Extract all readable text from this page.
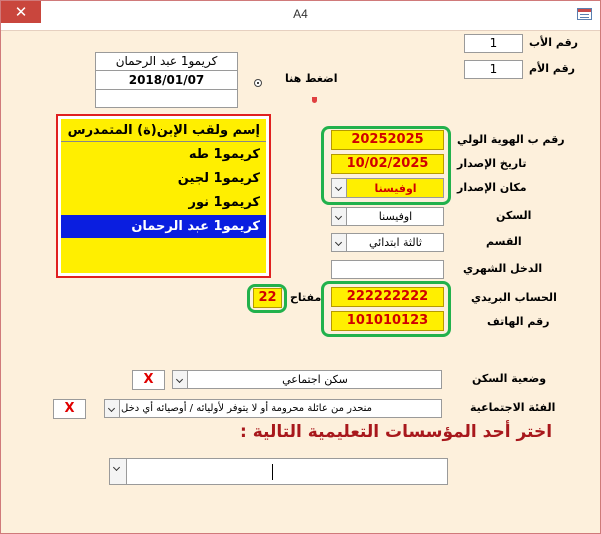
✕	A4
1	رقم الأب
1	رقم الأم
كريمو1 عبد الرحمان
2018/01/07	اضغط هنا
إسم ولقب الإبن(ة) المتمدرس
كريمو1 طه
كريمو1 لجين
كريمو1 نور
كريمو1 عبد الرحمان
20252025	رقم ب الهوية الولي
10/02/2025	تاريخ الإصدار
اوفيسنا	مكان الإصدار
اوفيسنا	السكن
ثالثة ابتدائي	القسم
الدخل الشهري
22	مفتاح	222222222	الحساب البريدي
101010123	رقم الهاتف
X	سكن اجتماعي	وضعية السكن
X	منحدر من عائلة محرومة أو لا يتوفر لأوليائه / أوصيائه أي دخل	الفئة الاجتماعية
اختر أحد المؤسسات التعليمية التالية :
